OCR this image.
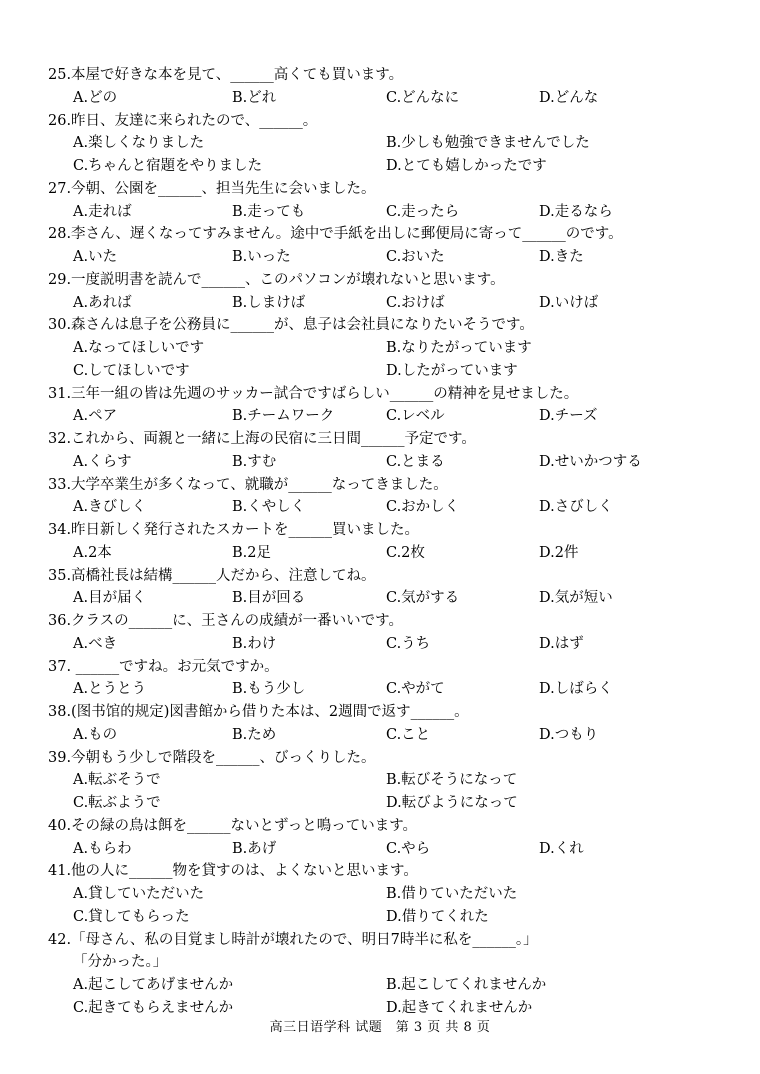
25.本屋で好きな本を見て、______高くても買います。
A.どの	B.どれ	C.どんなに	D.どんな
26.昨日、友達に来られたので、______。
A.楽しくなりました	B.少しも勉強できませんでした
C.ちゃんと宿題をやりました	D.とても嬉しかったです
27.今朝、公園を______、担当先生に会いました。
A.走れば	B.走っても	C.走ったら	D.走るなら
28.李さん、遅くなってすみません。途中で手紙を出しに郵便局に寄って______のです。
A.いた	B.いった	C.おいた	D.きた
29.一度説明書を読んで______、このパソコンが壊れないと思います。
A.あれば	B.しまけば	C.おけば	D.いけば
30.森さんは息子を公務員に______が、息子は会社員になりたいそうです。
A.なってほしいです	B.なりたがっています
C.してほしいです	D.したがっています
31.三年一組の皆は先週のサッカー試合ですばらしい______の精神を見せました。
A.ペア	B.チームワーク	C.レベル	D.チーズ
32.これから、両親と一緒に上海の民宿に三日間______予定です。
A.くらす	B.すむ	C.とまる	D.せいかつする
33.大学卒業生が多くなって、就職が______なってきました。
A.きびしく	B.くやしく	C.おかしく	D.さびしく
34.昨日新しく発行されたスカートを______買いました。
A.2本	B.2足	C.2枚	D.2件
35.高橋社長は結構______人だから、注意してね。
A.目が届く	B.目が回る	C.気がする	D.気が短い
36.クラスの______に、王さんの成績が一番いいです。
A.べき	B.わけ	C.うち	D.はず
37. ______ですね。お元気ですか。
A.とうとう	B.もう少し	C.やがて	D.しばらく
38.(图书馆的规定)図書館から借りた本は、2週間で返す______。
A.もの	B.ため	C.こと	D.つもり
39.今朝もう少しで階段を______、びっくりした。
A.転ぶそうで	B.転びそうになって
C.転ぶようで	D.転びようになって
40.その緑の鳥は餌を______ないとずっと鳴っています。
A.もらわ	B.あげ	C.やら	D.くれ
41.他の人に______物を貸すのは、よくないと思います。
A.貸していただいた	B.借りていただいた
C.貸してもらった	D.借りてくれた
42.「母さん、私の目覚まし時計が壊れたので、明日7時半に私を______。」
「分かった。」
A.起こしてあげませんか	B.起こしてくれませんか
C.起きてもらえませんか	D.起きてくれませんか
高三日语学科 试题　第 3 页 共 8 页
